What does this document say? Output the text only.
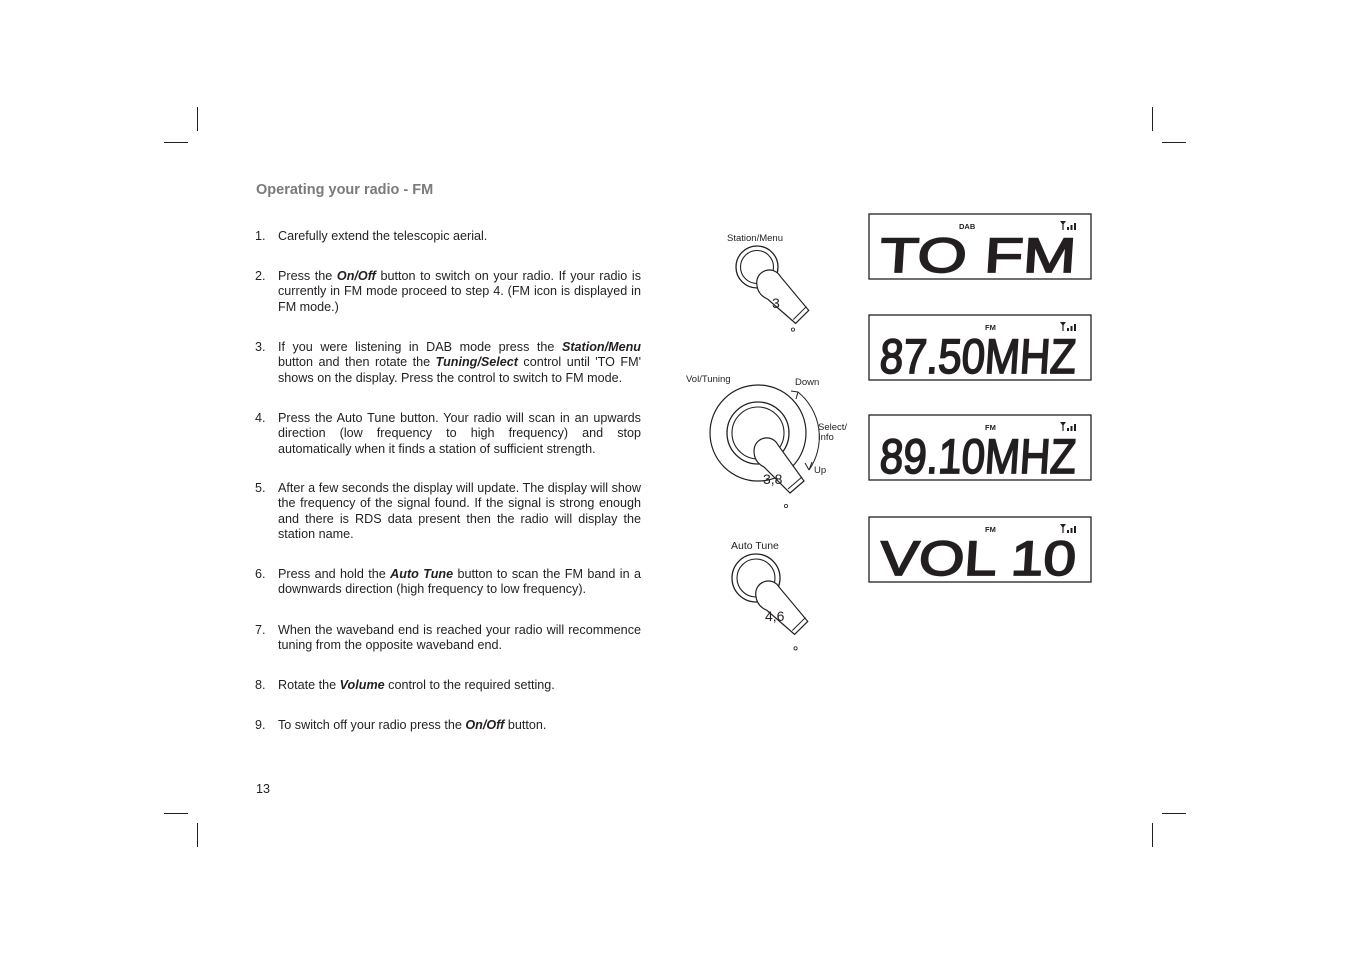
Operating your radio - FM
1. Carefully extend the telescopic aerial.
2. Press the On/Off button to switch on your radio. If your radio is currently in FM mode proceed to step 4. (FM icon is displayed in FM mode.)
3. If you were listening in DAB mode press the Station/Menu button and then rotate the Tuning/Select control until 'TO FM' shows on the display. Press the control to switch to FM mode.
4. Press the Auto Tune button. Your radio will scan in an upwards direction (low frequency to high frequency) and stop automatically when it finds a station of sufficient strength.
5. After a few seconds the display will update. The display will show the frequency of the signal found. If the signal is strong enough and there is RDS data present then the radio will display the station name.
6. Press and hold the Auto Tune button to scan the FM band in a downwards direction (high frequency to low frequency).
7. When the waveband end is reached your radio will recommence tuning from the opposite waveband end.
8. Rotate the Volume control to the required setting.
9. To switch off your radio press the On/Off button.
13
Station/Menu
3
Vol/Tuning	Down
Select/
Info
Up
3,8
Auto Tune
4,6
DAB
TO FM
FM
87.50MHZ
FM
89.10MHZ
FM
VOL 10
